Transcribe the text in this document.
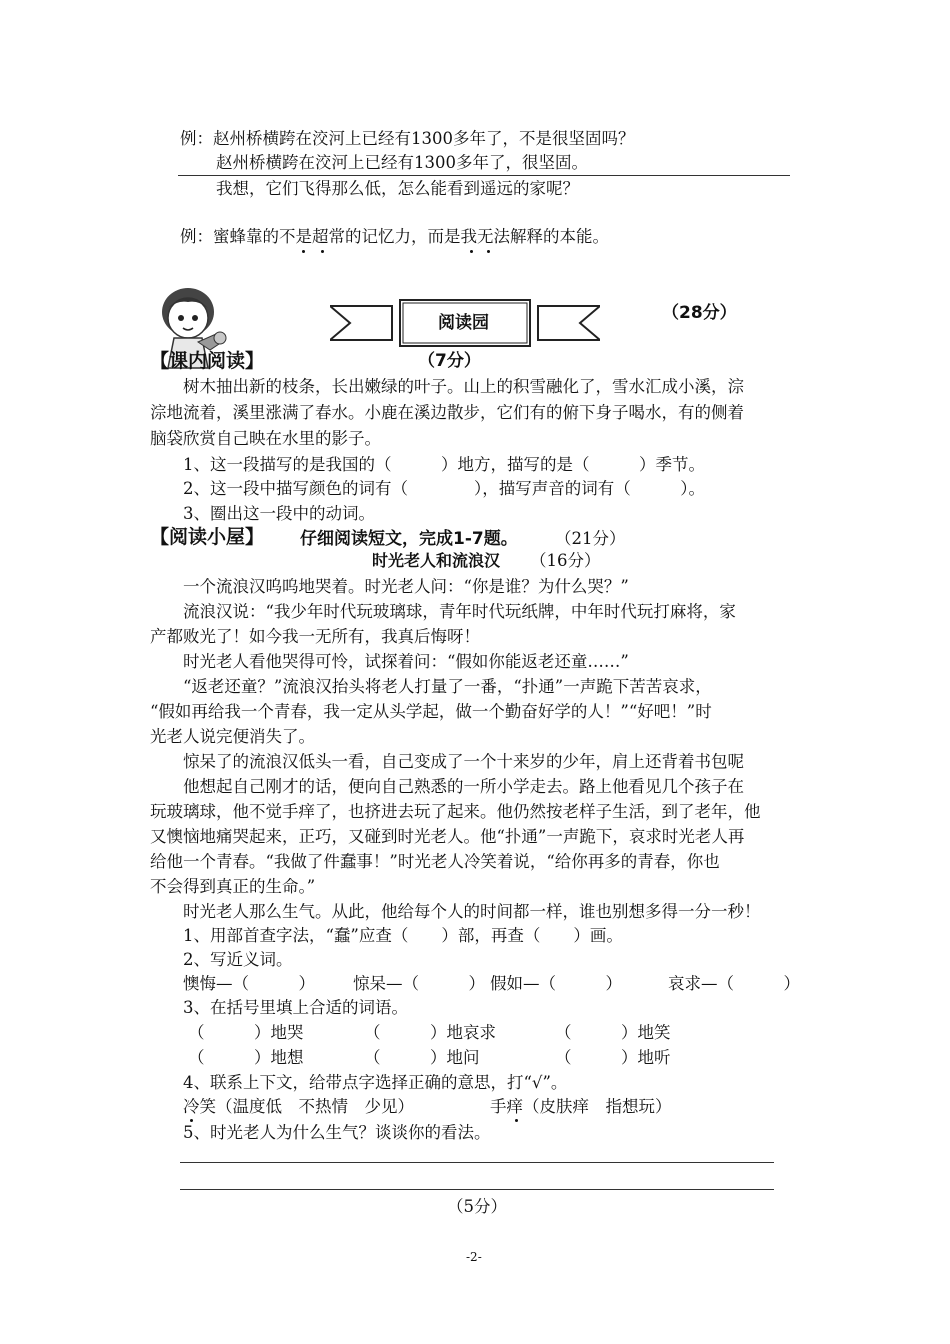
例：赵州桥横跨在洨河上已经有1300多年了，不是很坚固吗？
赵州桥横跨在洨河上已经有1300多年了，很坚固。
我想，它们飞得那么低，怎么能看到遥远的家呢？
例：蜜蜂靠的不是超常的记忆力，而是我无法解释的本能。
阅读园	（28分）
【课内阅读】	（7分）
树木抽出新的枝条，长出嫩绿的叶子。山上的积雪融化了，雪水汇成小溪，淙
淙地流着，溪里涨满了春水。小鹿在溪边散步，它们有的俯下身子喝水，有的侧着
脑袋欣赏自己映在水里的影子。
1、这一段描写的是我国的（　　　）地方，描写的是（　　　）季节。
2、这一段中描写颜色的词有（　　　　），描写声音的词有（　　　）。
3、圈出这一段中的动词。
【阅读小屋】 仔细阅读短文，完成1-7题。 （21分）
时光老人和流浪汉 （16分）
一个流浪汉呜呜地哭着。时光老人问：“你是谁？为什么哭？”
流浪汉说：“我少年时代玩玻璃球，青年时代玩纸牌，中年时代玩打麻将，家
产都败光了！如今我一无所有，我真后悔呀！
时光老人看他哭得可怜，试探着问：“假如你能返老还童……”
“返老还童？”流浪汉抬头将老人打量了一番，“扑通”一声跪下苦苦哀求，
“假如再给我一个青春，我一定从头学起，做一个勤奋好学的人！”“好吧！”时
光老人说完便消失了。
惊呆了的流浪汉低头一看，自己变成了一个十来岁的少年，肩上还背着书包呢
他想起自己刚才的话，便向自己熟悉的一所小学走去。路上他看见几个孩子在
玩玻璃球，他不觉手痒了，也挤进去玩了起来。他仍然按老样子生活，到了老年，他
又懊恼地痛哭起来，正巧，又碰到时光老人。他“扑通”一声跪下，哀求时光老人再
给他一个青春。“我做了件蠢事！”时光老人冷笑着说，“给你再多的青春，你也
不会得到真正的生命。”
时光老人那么生气。从此，他给每个人的时间都一样，谁也别想多得一分一秒！
1、用部首查字法，“蠢”应查（　　）部，再查（　　）画。
2、写近义词。
懊悔—（　　　） 惊呆—（　　　） 假如—（　　　）	哀求—（　　　）
3、在括号里填上合适的词语。
（　　　）地哭	（　　　）地哀求	（　　　）地笑
（　　　）地想	（　　　）地问	（　　　）地听
4、联系上下文，给带点字选择正确的意思，打“√”。
冷笑（温度低　不热情　少见）	手痒（皮肤痒　指想玩）
5、时光老人为什么生气？谈谈你的看法。
（5分）
-2-
